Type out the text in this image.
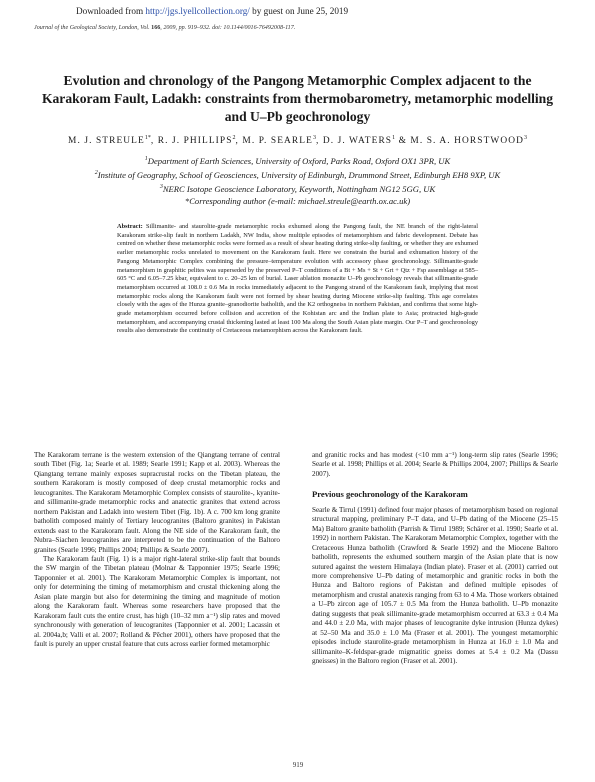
Downloaded from http://jgs.lyellcollection.org/ by guest on June 25, 2019
Journal of the Geological Society, London, Vol. 166, 2009, pp. 919–932. doi: 10.1144/0016-76492008-117.
Evolution and chronology of the Pangong Metamorphic Complex adjacent to the Karakoram Fault, Ladakh: constraints from thermobarometry, metamorphic modelling and U–Pb geochronology
M. J. $STREULE^{1*}$, R. J. PHILLIPS$^2$, M. P. SEARLE$^3$, D. J. WATERS$^1$ & M. S. A. HORSTWOOD$^3$
$^1$Department of Earth Sciences, University of Oxford, Parks Road, Oxford OX1 3PR, UK
$^2$Institute of Geography, School of Geosciences, University of Edinburgh, Drummond Street, Edinburgh EH8 9XP, UK
$^3$NERC Isotope Geoscience Laboratory, Keyworth, Nottingham NG12 5GG, UK
*Corresponding author (e-mail: michael.streule@earth.ox.ac.uk)

Abstract: Sillimanite- and staurolite-grade metamorphic rocks exhumed along the Pangong fault, the NE branch of the right-lateral Karakoram strike-slip fault in northern Ladakh, NW India, show multiple episodes of metamorphism and fabric development. Debate has centred on whether these metamorphic rocks were formed as a result of shear heating during strike-slip faulting, or whether they are exhumed earlier metamorphic rocks unrelated to movement on the Karakoram fault. Here we constrain the burial and exhumation history of the Pangong Metamorphic Complex combining the pressure–temperature evolution with accessory phase geochronology. Sillimanite-grade metamorphism in graphitic pelites was superseded by the preserved P–T conditions of a Bt + Ms + St + Grt + Qtz + Fsp assemblage at 585–605 °C and 6.05–7.25 kbar, equivalent to c. 20–25 km of burial. Laser ablation monazite U–Pb geochronology reveals that sillimanite-grade metamorphism occurred at 108.0 ± 0.6 Ma in rocks immediately adjacent to the Pangong strand of the Karakoram fault, implying that most metamorphic rocks along the Karakoram fault were not formed by shear heating during Miocene strike-slip faulting. This age correlates closely with the ages of the Hunza granite–granodiorite batholith, and the K2 orthogneiss in northern Pakistan, and confirms that some high-grade metamorphism occurred before collision and accretion of the Kohistan arc and the Indian plate to Asia; protracted high-grade metamorphism, and accompanying crustal thickening lasted at least 100 Ma along the South Asian plate margin. Our P–T and geochronology results also demonstrate the continuity of Cretaceous metamorphism across the Karakoram fault.

The Karakoram terrane is the western extension of the Qiangtang terrane of central south Tibet (Fig. 1a; Searle et al. 1989; Searle 1991; Kapp et al. 2003). Whereas the Qiangtang terrane mainly exposes supracrustal rocks on the Tibetan plateau, the southern Karakoram is mostly composed of deep crustal metamorphic rocks and leucogranites. The Karakoram Metamorphic Complex consists of staurolite-, kyanite- and sillimanite-grade metamorphic rocks and anatectic granites that extend across northern Pakistan and Ladakh into western Tibet (Fig. 1b). A c. 700 km long granite batholith composed mainly of Tertiary leucogranites (Baltoro granites) in Pakistan extends east to the Karakoram fault. Along the NE side of the Karakoram fault, the Nubra–Siachen leucogranites are interpreted to be the continuation of the Baltoro granites (Searle 1996; Phillips 2004; Phillips & Searle 2007).

The Karakoram fault (Fig. 1) is a major right-lateral strike-slip fault that bounds the SW margin of the Tibetan plateau (Molnar & Tapponnier 1975; Searle 1996; Tapponnier et al. 2001). The Karakoram Metamorphic Complex is important, not only for determining the timing of metamorphism and crustal thickening along the Asian plate margin but also for determining the timing and magnitude of motion along the Karakoram fault. Whereas some researchers have proposed that the Karakoram fault cuts the entire crust, has high (10–32 mm a⁻¹) slip rates and moved synchronously with generation of leucogranites (Tapponnier et al. 2001; Lacassin et al. 2004a,b; Valli et al. 2007; Rolland & Pêcher 2001), others have proposed that the fault is purely an upper crustal feature that cuts across earlier formed metamorphic

and granitic rocks and has modest (<10 mm a⁻¹) long-term slip rates (Searle 1996; Searle et al. 1998; Phillips et al. 2004; Searle & Phillips 2004, 2007; Phillips & Searle 2007).

Previous geochronology of the Karakoram

Searle & Tirrul (1991) defined four major phases of metamorphism based on regional structural mapping, preliminary P–T data, and U–Pb dating of the Miocene (25–15 Ma) Baltoro granite batholith (Parrish & Tirrul 1989; Schärer et al. 1990; Searle et al. 1992) in northern Pakistan. The Karakoram Metamorphic Complex, together with the Cretaceous Hunza batholith (Crawford & Searle 1992) and the Miocene Baltoro batholith, represents the exhumed southern margin of the Asian plate that is now sutured against the western Himalaya (Indian plate). Fraser et al. (2001) carried out more comprehensive U–Pb dating of metamorphic and granitic rocks in both the Hunza and Baltoro regions of Pakistan and defined multiple episodes of metamorphism and crustal anatexis ranging from 63 to 4 Ma. Those workers obtained a U–Pb zircon age of 105.7 ± 0.5 Ma from the Hunza batholith. U–Pb monazite dating suggests that peak sillimanite-grade metamorphism occurred at 63.3 ± 0.4 Ma and 44.0 ± 2.0 Ma, with major phases of leucogranite dyke intrusion (Hunza dykes) at 52–50 Ma and 35.0 ± 1.0 Ma (Fraser et al. 2001). The youngest metamorphic episodes include staurolite-grade metamorphism in Hunza at 16.0 ± 1.0 Ma and sillimanite–K-feldspar-grade migmatitic gneiss domes at 5.4 ± 0.2 Ma (Dassu gneisses) in the Baltoro region (Fraser et al. 2001).

919
